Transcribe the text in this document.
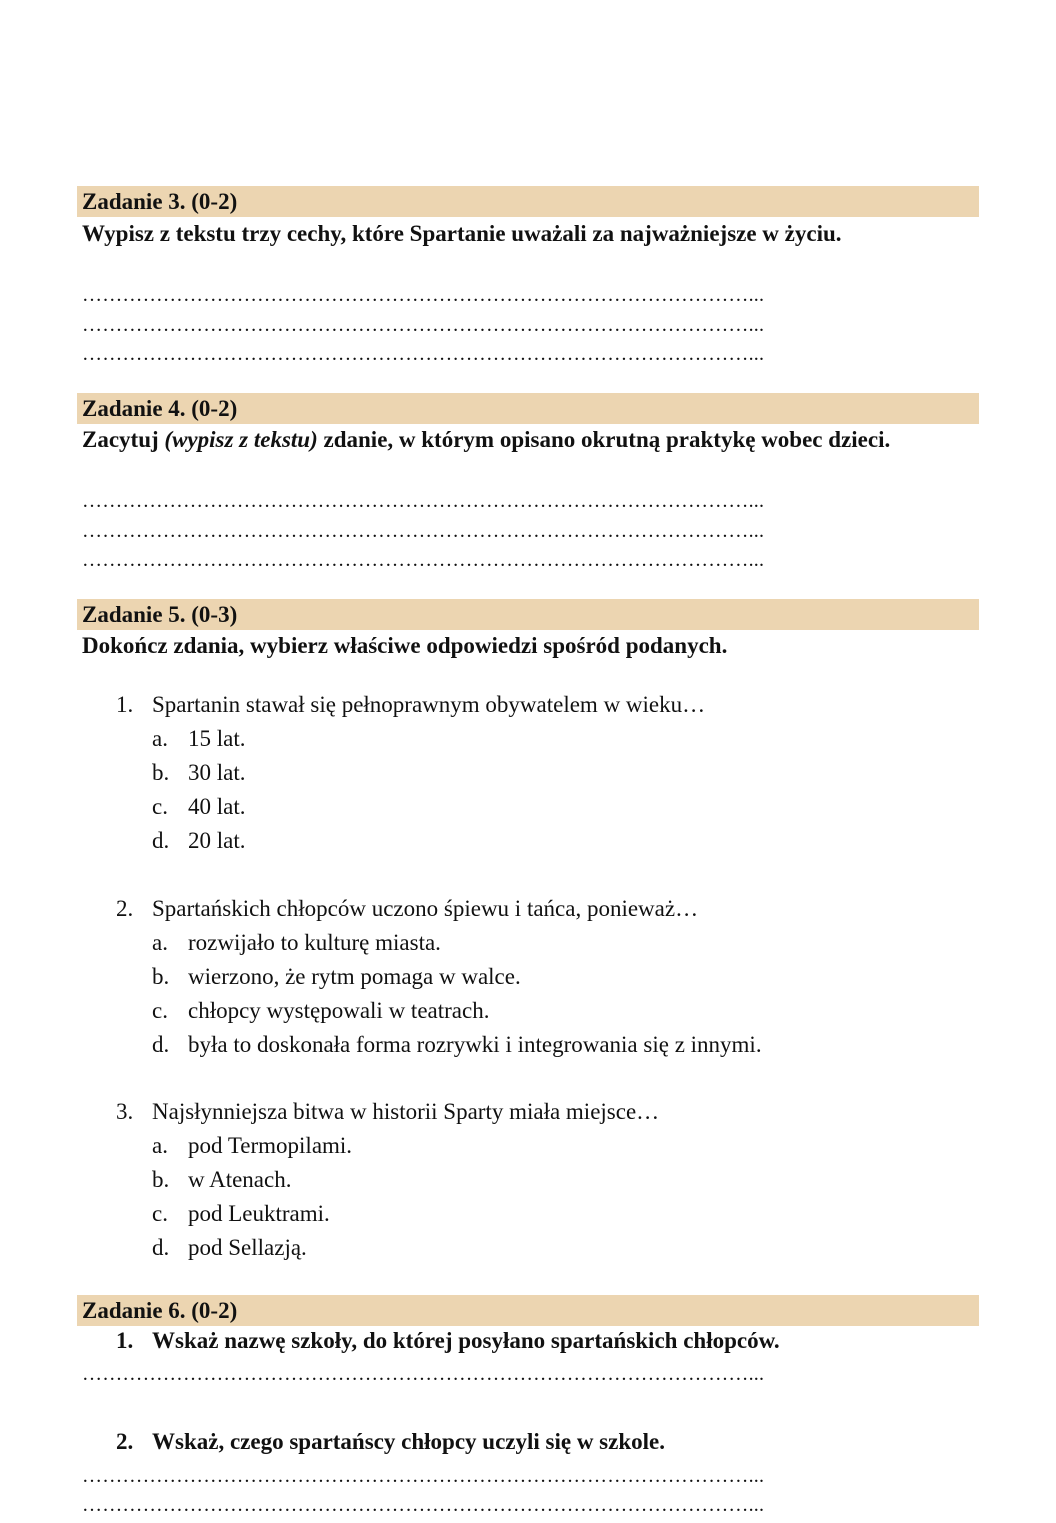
Zadanie 3. (0-2)
Wypisz z tekstu trzy cechy, które Spartanie uważali za najważniejsze w życiu.
………………………………………………………………………………………...
………………………………………………………………………………………...
………………………………………………………………………………………...
Zadanie 4. (0-2)
Zacytuj (wypisz z tekstu) zdanie, w którym opisano okrutną praktykę wobec dzieci.
………………………………………………………………………………………...
………………………………………………………………………………………...
………………………………………………………………………………………...
Zadanie 5. (0-3)
Dokończ zdania, wybierz właściwe odpowiedzi spośród podanych.
1. Spartanin stawał się pełnoprawnym obywatelem w wieku…
a. 15 lat.
b. 30 lat.
c. 40 lat.
d. 20 lat.
2. Spartańskich chłopców uczono śpiewu i tańca, ponieważ…
a. rozwijało to kulturę miasta.
b. wierzono, że rytm pomaga w walce.
c. chłopcy występowali w teatrach.
d. była to doskonała forma rozrywki i integrowania się z innymi.
3. Najsłynniejsza bitwa w historii Sparty miała miejsce…
a. pod Termopilami.
b. w Atenach.
c. pod Leuktrami.
d. pod Sellazją.
Zadanie 6. (0-2)
1. Wskaż nazwę szkoły, do której posyłano spartańskich chłopców.
………………………………………………………………………………………...
2. Wskaż, czego spartańscy chłopcy uczyli się w szkole.
………………………………………………………………………………………...
………………………………………………………………………………………...
